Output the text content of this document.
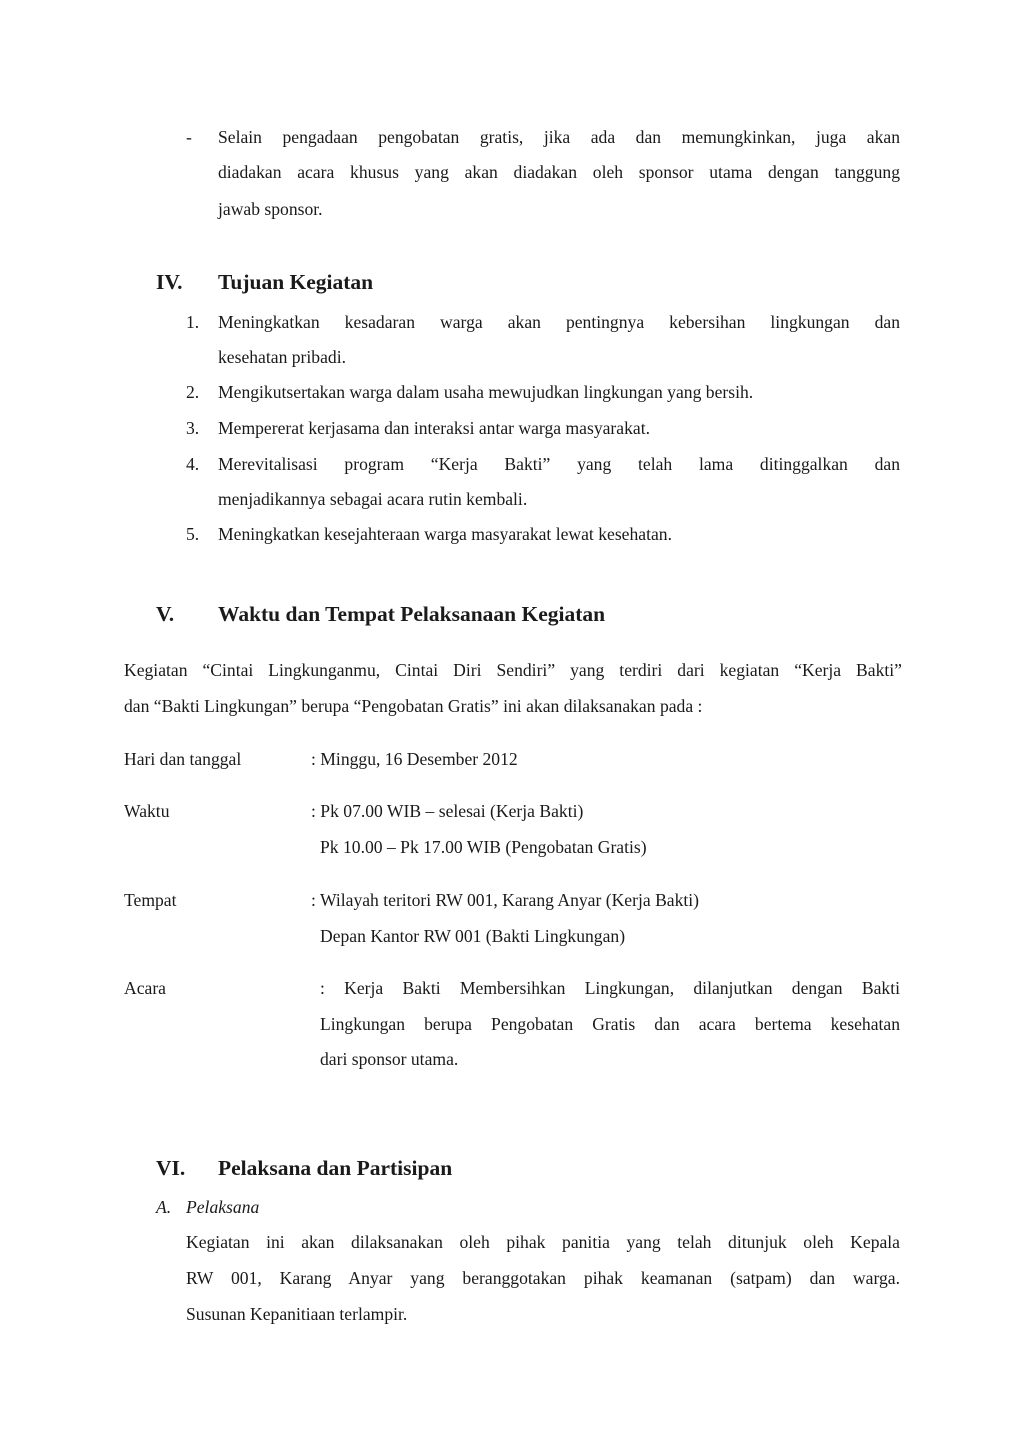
- Selain pengadaan pengobatan gratis, jika ada dan memungkinkan, juga akan
diadakan acara khusus yang akan diadakan oleh sponsor utama dengan tanggung
jawab sponsor.
IV. Tujuan Kegiatan
1. Meningkatkan kesadaran warga akan pentingnya kebersihan lingkungan dan
kesehatan pribadi.
2. Mengikutsertakan warga dalam usaha mewujudkan lingkungan yang bersih.
3. Mempererat kerjasama dan interaksi antar warga masyarakat.
4. Merevitalisasi program “Kerja Bakti” yang telah lama ditinggalkan dan
menjadikannya sebagai acara rutin kembali.
5. Meningkatkan kesejahteraan warga masyarakat lewat kesehatan.
V. Waktu dan Tempat Pelaksanaan Kegiatan
Kegiatan “Cintai Lingkunganmu, Cintai Diri Sendiri” yang terdiri dari kegiatan “Kerja Bakti”
dan “Bakti Lingkungan” berupa “Pengobatan Gratis” ini akan dilaksanakan pada :
Hari dan tanggal	: Minggu, 16 Desember 2012
Waktu	: Pk 07.00 WIB – selesai (Kerja Bakti)
Pk 10.00 – Pk 17.00 WIB (Pengobatan Gratis)
Tempat	: Wilayah teritori RW 001, Karang Anyar (Kerja Bakti)
Depan Kantor RW 001 (Bakti Lingkungan)
Acara	: Kerja Bakti Membersihkan Lingkungan, dilanjutkan dengan Bakti
Lingkungan berupa Pengobatan Gratis dan acara bertema kesehatan
dari sponsor utama.
VI. Pelaksana dan Partisipan
A. Pelaksana
Kegiatan ini akan dilaksanakan oleh pihak panitia yang telah ditunjuk oleh Kepala
RW 001, Karang Anyar yang beranggotakan pihak keamanan (satpam) dan warga.
Susunan Kepanitiaan terlampir.
